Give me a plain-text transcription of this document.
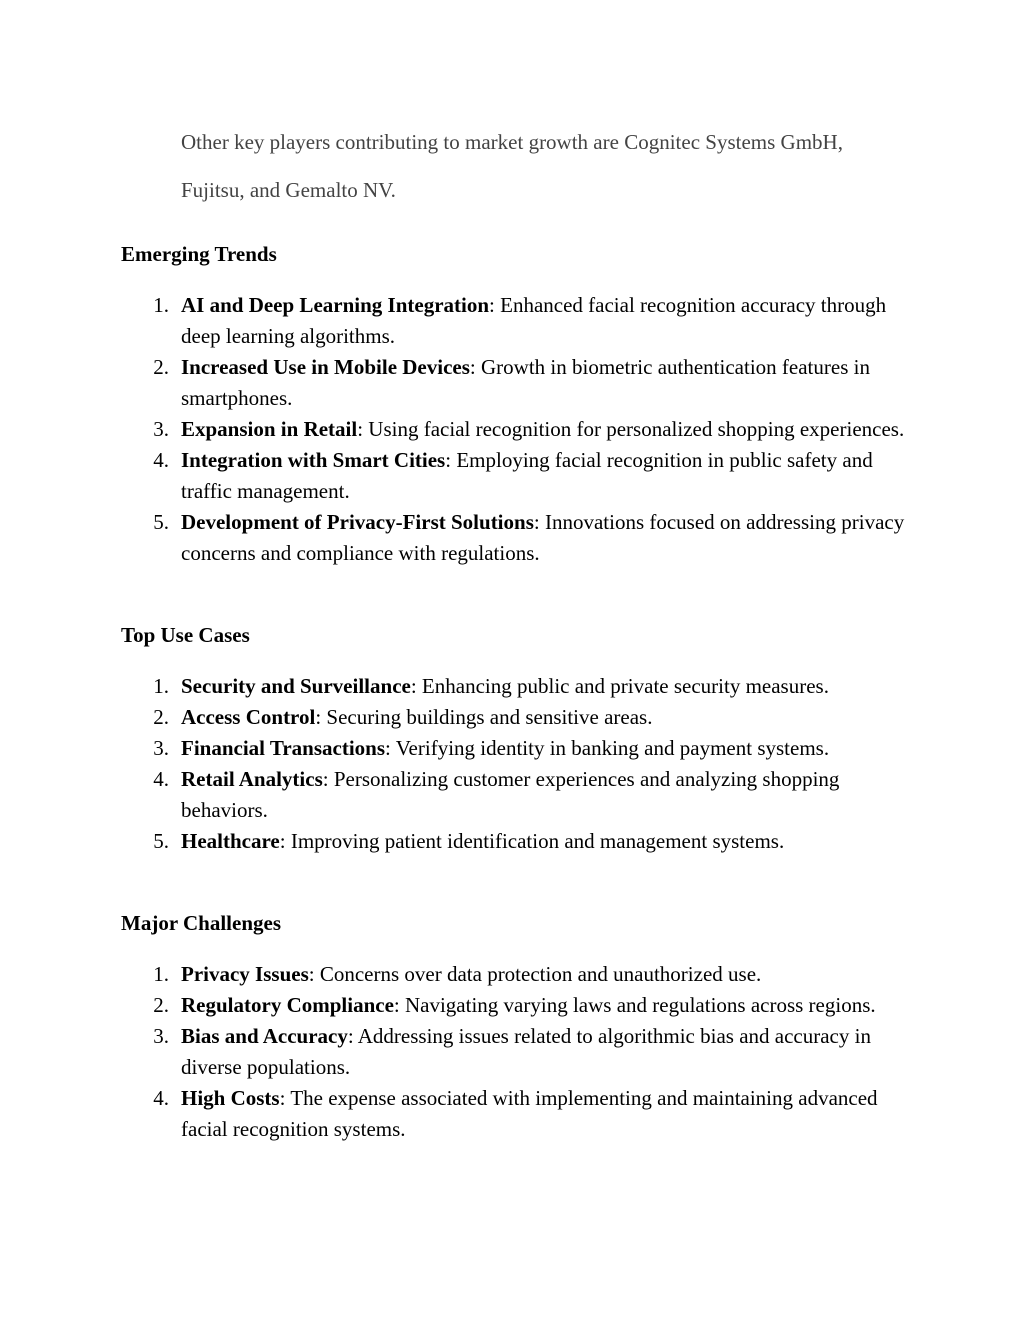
Other key players contributing to market growth are Cognitec Systems GmbH, Fujitsu, and Gemalto NV.

Emerging Trends
1. AI and Deep Learning Integration: Enhanced facial recognition accuracy through deep learning algorithms.
2. Increased Use in Mobile Devices: Growth in biometric authentication features in smartphones.
3. Expansion in Retail: Using facial recognition for personalized shopping experiences.
4. Integration with Smart Cities: Employing facial recognition in public safety and traffic management.
5. Development of Privacy-First Solutions: Innovations focused on addressing privacy concerns and compliance with regulations.
Top Use Cases
1. Security and Surveillance: Enhancing public and private security measures.
2. Access Control: Securing buildings and sensitive areas.
3. Financial Transactions: Verifying identity in banking and payment systems.
4. Retail Analytics: Personalizing customer experiences and analyzing shopping behaviors.
5. Healthcare: Improving patient identification and management systems.
Major Challenges
1. Privacy Issues: Concerns over data protection and unauthorized use.
2. Regulatory Compliance: Navigating varying laws and regulations across regions.
3. Bias and Accuracy: Addressing issues related to algorithmic bias and accuracy in diverse populations.
4. High Costs: The expense associated with implementing and maintaining advanced facial recognition systems.
